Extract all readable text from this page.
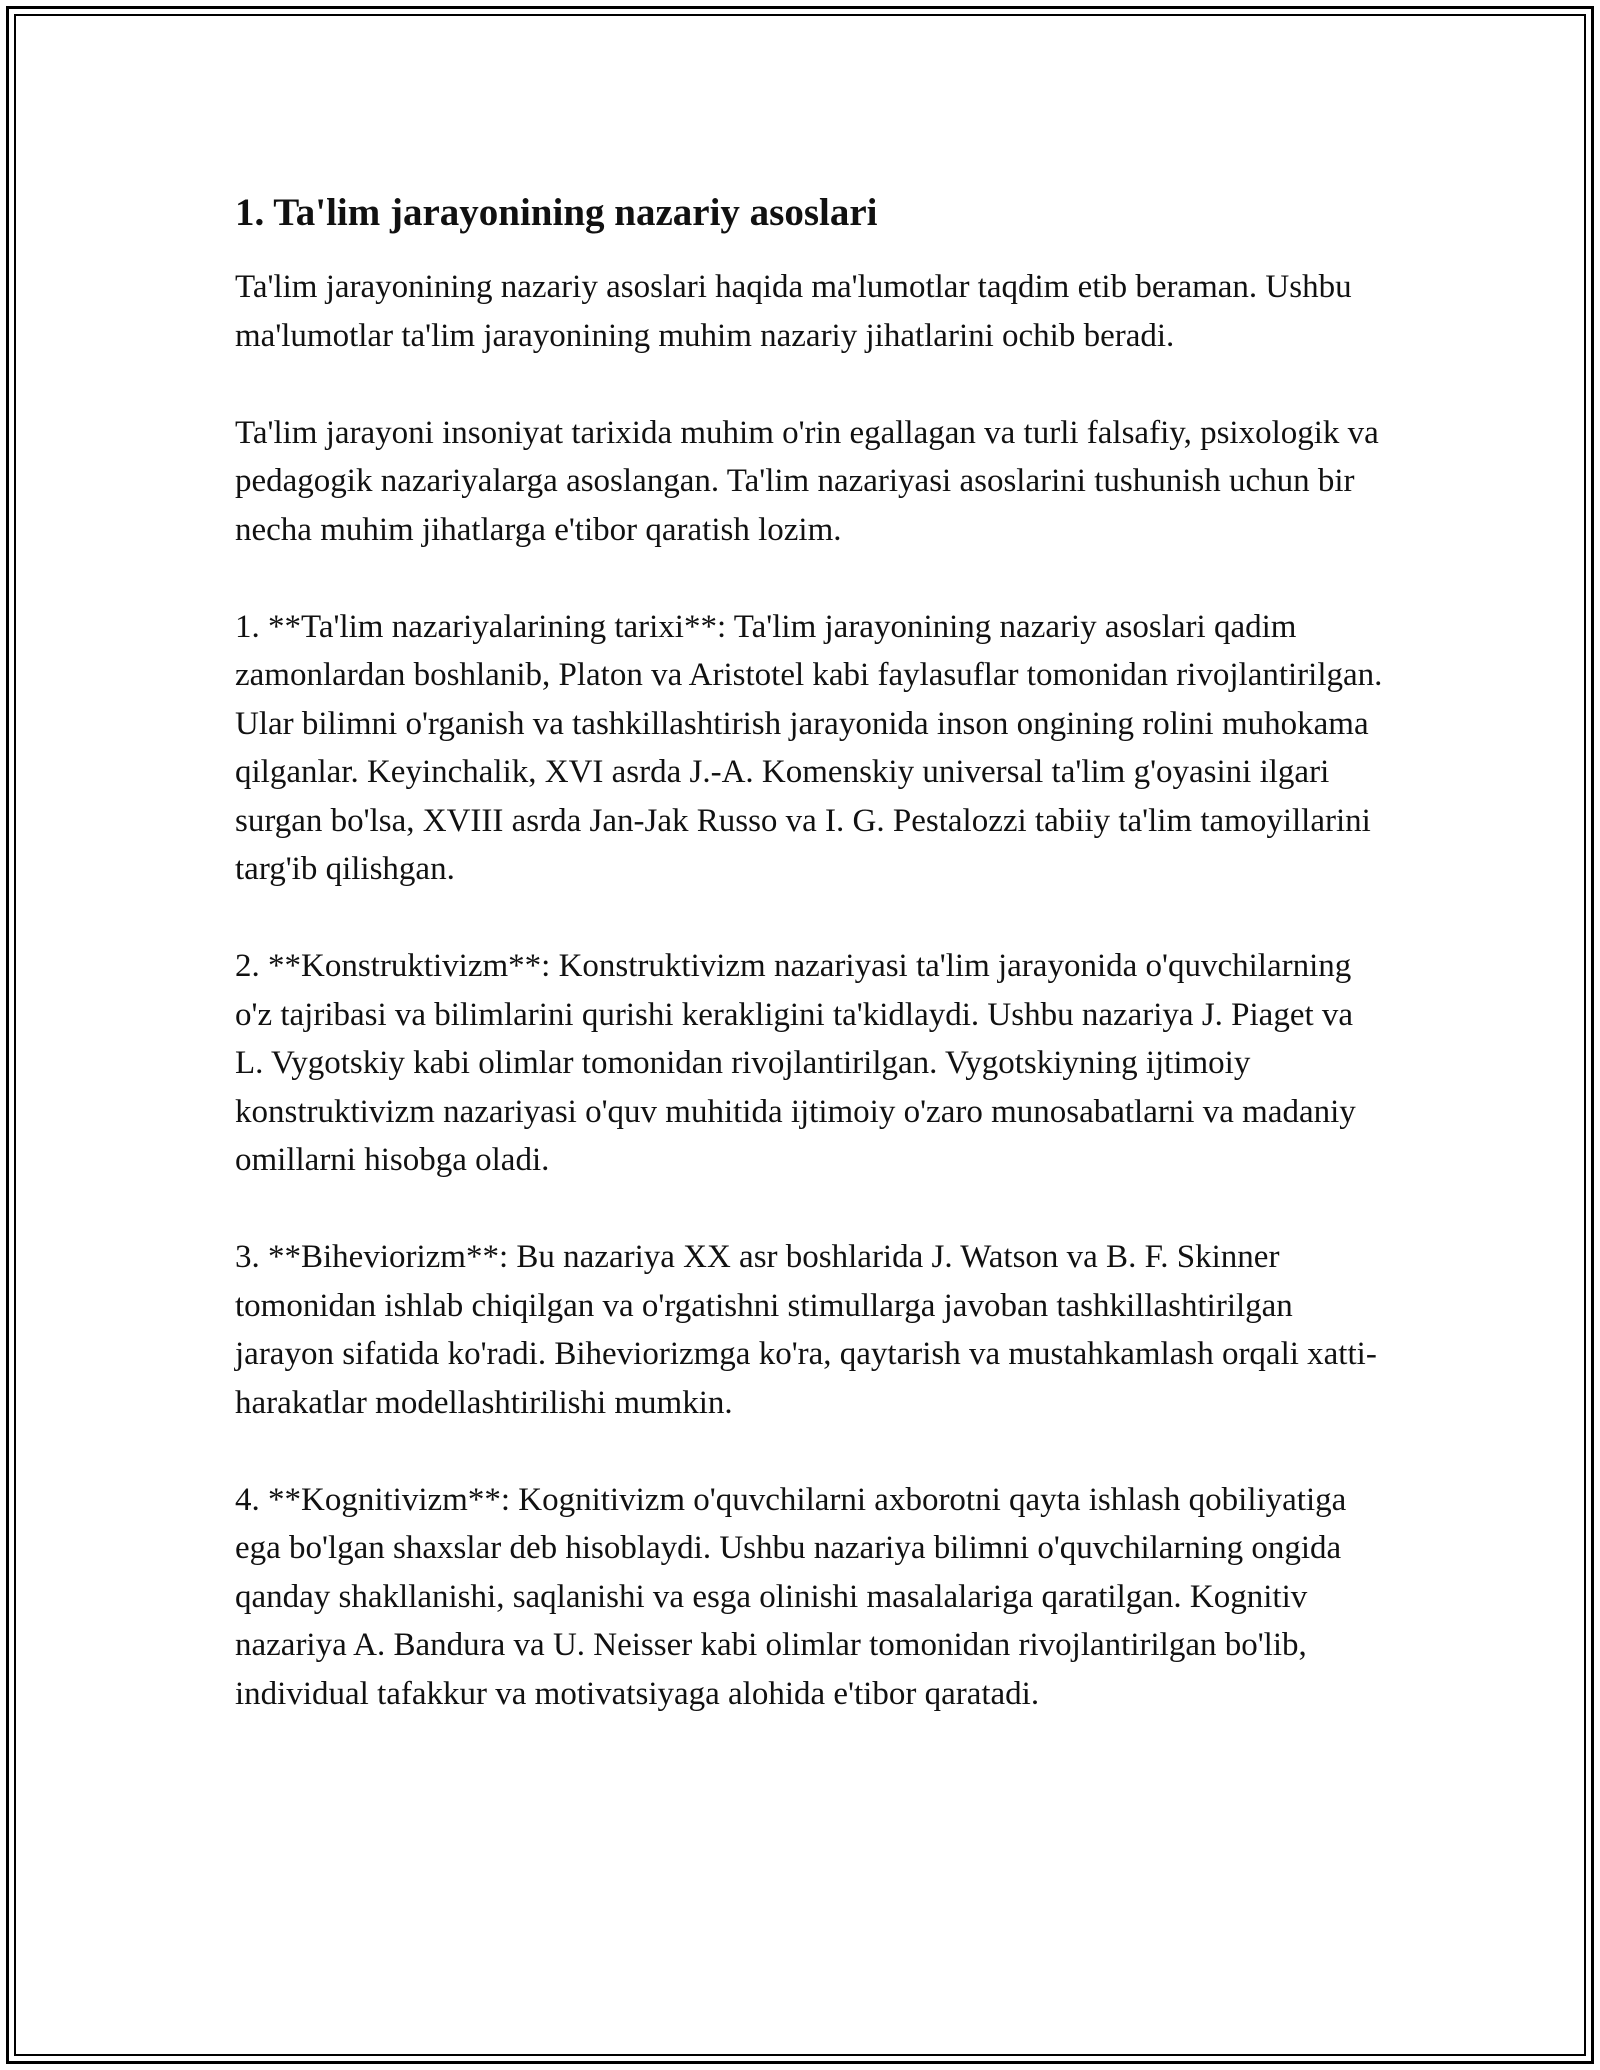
1. Ta'lim jarayonining nazariy asoslari

Ta'lim jarayonining nazariy asoslari haqida ma'lumotlar taqdim etib beraman. Ushbu ma'lumotlar ta'lim jarayonining muhim nazariy jihatlarini ochib beradi.

Ta'lim jarayoni insoniyat tarixida muhim o'rin egallagan va turli falsafiy, psixologik va pedagogik nazariyalarga asoslangan. Ta'lim nazariyasi asoslarini tushunish uchun bir necha muhim jihatlarga e'tibor qaratish lozim.

1. **Ta'lim nazariyalarining tarixi**: Ta'lim jarayonining nazariy asoslari qadim zamonlardan boshlanib, Platon va Aristotel kabi faylasuflar tomonidan rivojlantirilgan. Ular bilimni o'rganish va tashkillashtirish jarayonida inson ongining rolini muhokama qilganlar. Keyinchalik, XVI asrda J.-A. Komenskiy universal ta'lim g'oyasini ilgari surgan bo'lsa, XVIII asrda Jan-Jak Russo va I. G. Pestalozzi tabiiy ta'lim tamoyillarini targ'ib qilishgan.

2. **Konstruktivizm**: Konstruktivizm nazariyasi ta'lim jarayonida o'quvchilarning o'z tajribasi va bilimlarini qurishi kerakligini ta'kidlaydi. Ushbu nazariya J. Piaget va L. Vygotskiy kabi olimlar tomonidan rivojlantirilgan. Vygotskiyning ijtimoiy konstruktivizm nazariyasi o'quv muhitida ijtimoiy o'zaro munosabatlarni va madaniy omillarni hisobga oladi.

3. **Biheviorizm**: Bu nazariya XX asr boshlarida J. Watson va B. F. Skinner tomonidan ishlab chiqilgan va o'rgatishni stimullarga javoban tashkillashtirilgan jarayon sifatida ko'radi. Biheviorizmga ko'ra, qaytarish va mustahkamlash orqali xatti-harakatlar modellashtirilishi mumkin.

4. **Kognitivizm**: Kognitivizm o'quvchilarni axborotni qayta ishlash qobiliyatiga ega bo'lgan shaxslar deb hisoblaydi. Ushbu nazariya bilimni o'quvchilarning ongida qanday shakllanishi, saqlanishi va esga olinishi masalalariga qaratilgan. Kognitiv nazariya A. Bandura va U. Neisser kabi olimlar tomonidan rivojlantirilgan bo'lib, individual tafakkur va motivatsiyaga alohida e'tibor qaratadi.
